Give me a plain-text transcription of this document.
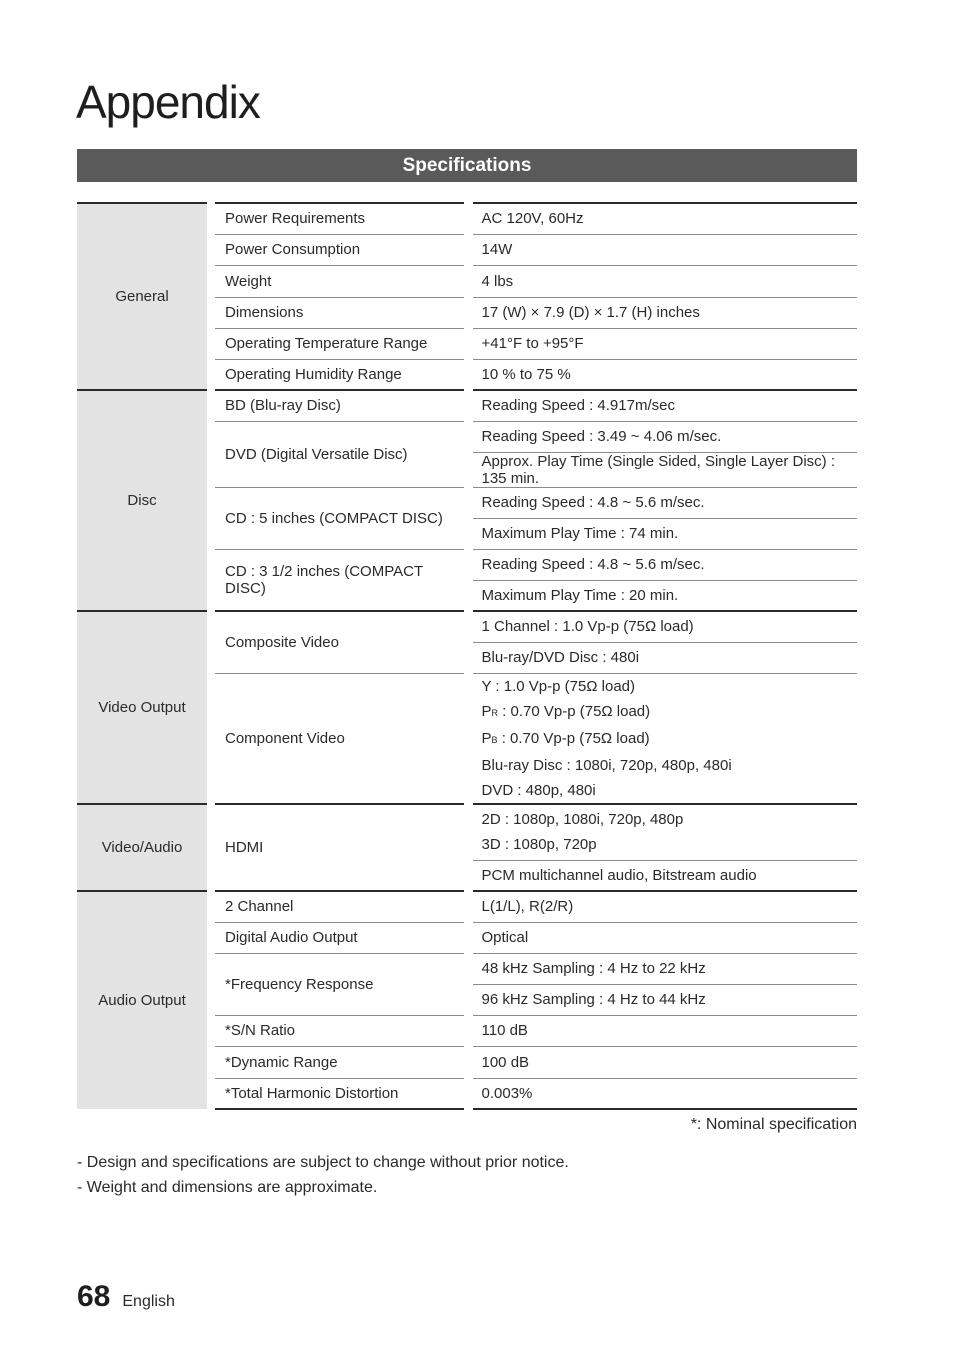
Appendix
Specifications
General	Power Requirements	AC 120V, 60Hz
	Power Consumption	14W
	Weight	4 lbs
	Dimensions	17 (W) × 7.9 (D) × 1.7 (H) inches
	Operating Temperature Range	+41°F to +95°F
	Operating Humidity Range	10 % to 75 %
Disc	BD (Blu-ray Disc)	Reading Speed : 4.917m/sec
	DVD (Digital Versatile Disc)	Reading Speed : 3.49 ~ 4.06 m/sec.
		Approx. Play Time (Single Sided, Single Layer Disc) : 135 min.
	CD : 5 inches (COMPACT DISC)	Reading Speed : 4.8 ~ 5.6 m/sec.
		Maximum Play Time : 74 min.
	CD : 3 1/2 inches (COMPACT DISC)	Reading Speed : 4.8 ~ 5.6 m/sec.
		Maximum Play Time : 20 min.
Video Output	Composite Video	1 Channel : 1.0 Vp-p (75Ω load)
		Blu-ray/DVD Disc : 480i
	Component Video	Y : 1.0 Vp-p (75Ω load)
PR : 0.70 Vp-p (75Ω load)
PB : 0.70 Vp-p (75Ω load)
Blu-ray Disc : 1080i, 720p, 480p, 480i
DVD : 480p, 480i

Video/Audio	HDMI	2D : 1080p, 1080i, 720p, 480p
3D : 1080p, 720p

		PCM multichannel audio, Bitstream audio
Audio Output	2 Channel	L(1/L), R(2/R)
	Digital Audio Output	Optical
	*Frequency Response	48 kHz Sampling : 4 Hz to 22 kHz
		96 kHz Sampling : 4 Hz to 44 kHz
	*S/N Ratio	110 dB
	*Dynamic Range	100 dB
	*Total Harmonic Distortion	0.003%
*: Nominal specification
- Design and specifications are subject to change without prior notice.
- Weight and dimensions are approximate.
68 English
